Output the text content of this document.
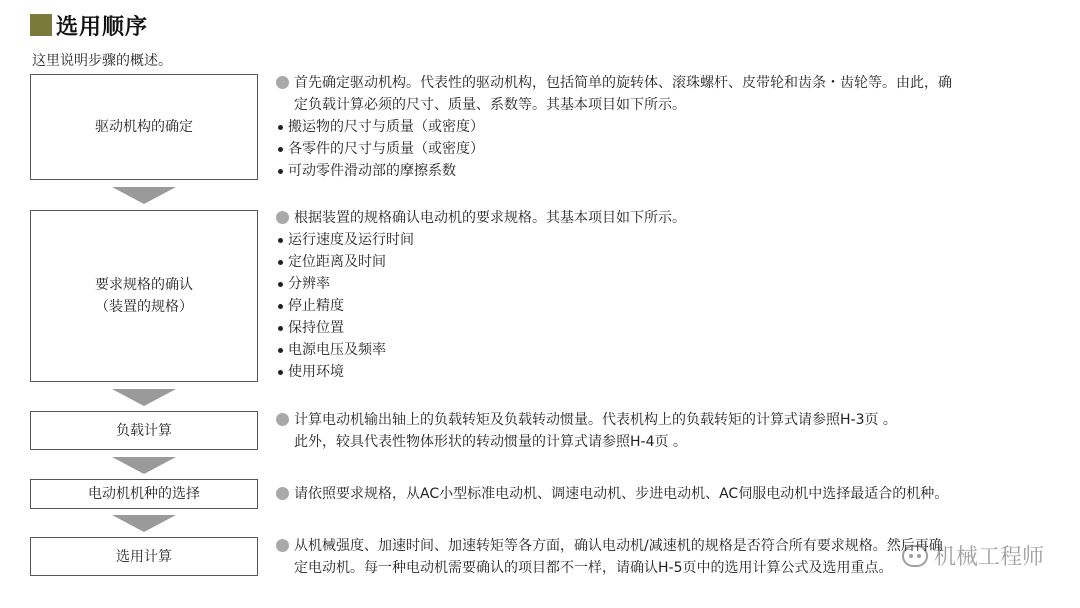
选用顺序
这里说明步骤的概述。
驱动机构的确定
要求规格的确认
（装置的规格）
负载计算
电动机机种的选择
选用计算
首先确定驱动机构。代表性的驱动机构，包括简单的旋转体、滚珠螺杆、皮带轮和齿条・齿轮等。由此，确
定负载计算必须的尺寸、质量、系数等。其基本项目如下所示。
搬运物的尺寸与质量（或密度）
各零件的尺寸与质量（或密度）
可动零件滑动部的摩擦系数
根据装置的规格确认电动机的要求规格。其基本项目如下所示。
运行速度及运行时间
定位距离及时间
分辨率
停止精度
保持位置
电源电压及频率
使用环境
计算电动机输出轴上的负载转矩及负载转动惯量。代表机构上的负载转矩的计算式请参照H-3页 。
此外，较具代表性物体形状的转动惯量的计算式请参照H-4页 。
请依照要求规格，从AC小型标准电动机、调速电动机、步进电动机、AC伺服电动机中选择最适合的机种。
从机械强度、加速时间、加速转矩等各方面，确认电动机/减速机的规格是否符合所有要求规格。然后再确
定电动机。每一种电动机需要确认的项目都不一样，请确认H-5页中的选用计算公式及选用重点。	机械工程师
